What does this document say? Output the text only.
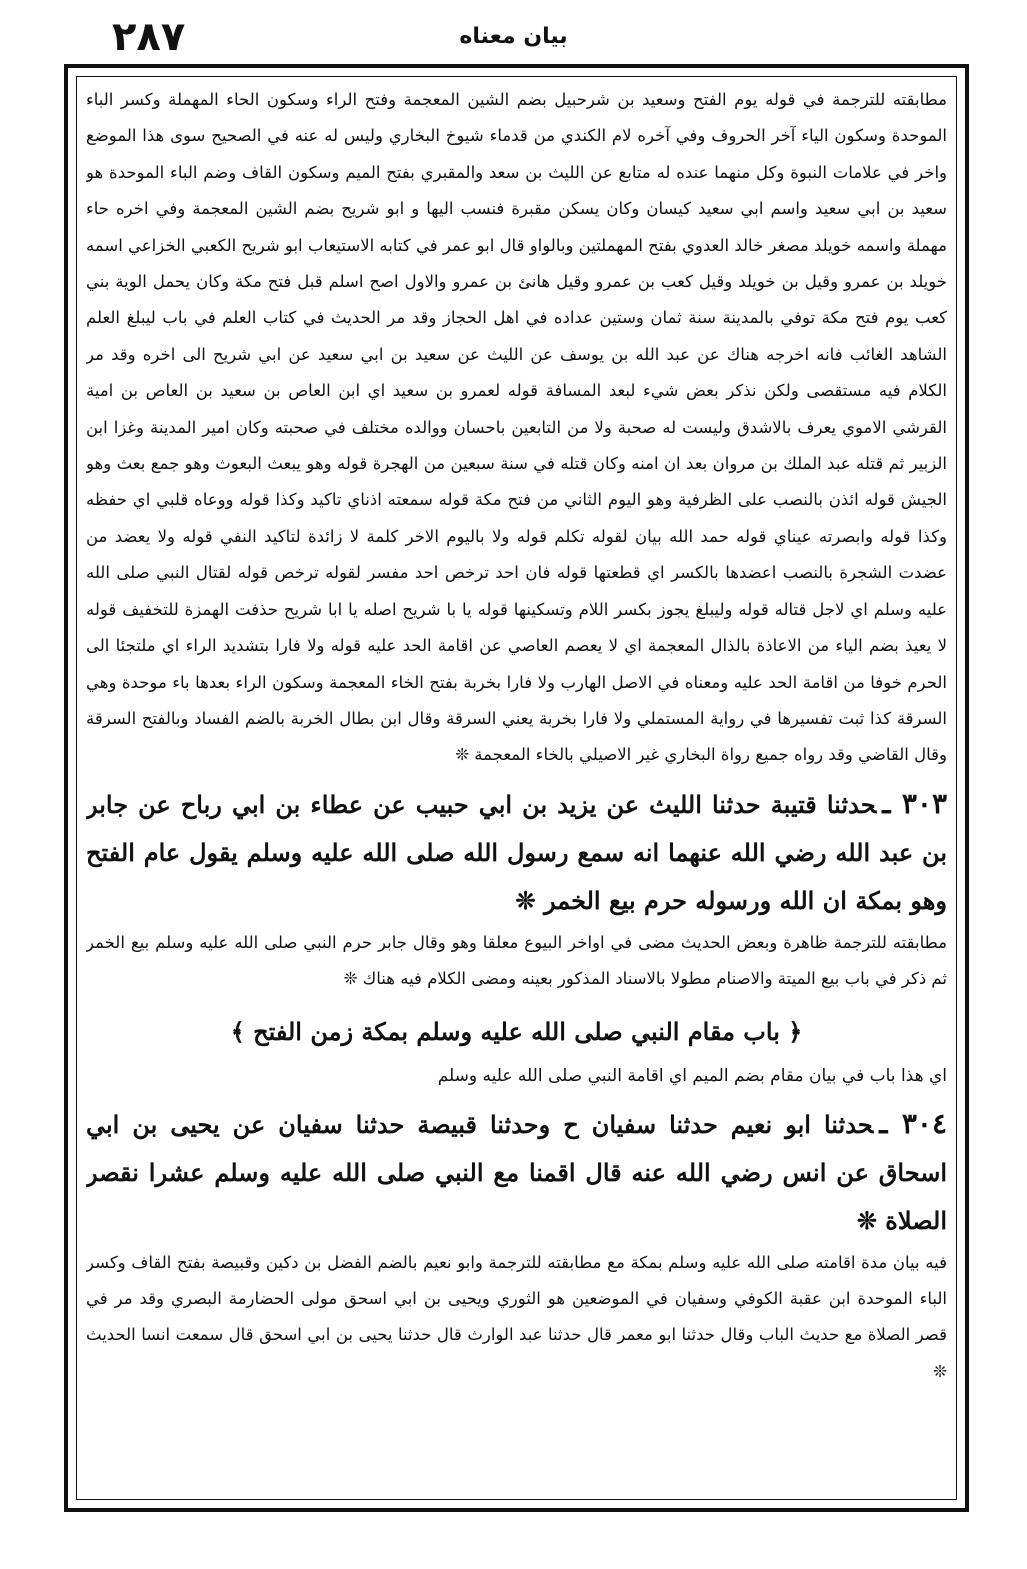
٢٨٧	بيان معناه

مطابقته للترجمة في قوله يوم الفتح وسعيد بن شرحبيل بضم الشين المعجمة وفتح الراء وسكون الحاء المهملة وكسر الباء الموحدة وسكون الياء آخر الحروف وفي آخره لام الكندي من قدماء شيوخ البخاري وليس له عنه في الصحيح سوى هذا الموضع واخر في علامات النبوة وكل منهما عنده له متابع عن الليث بن سعد والمقبري بفتح الميم وسكون القاف وضم الباء الموحدة هو سعيد بن ابي سعيد واسم ابي سعيد كيسان وكان يسكن مقبرة فنسب اليها و ابو شريح بضم الشين المعجمة وفي اخره حاء مهملة واسمه خويلد مصغر خالد العدوي بفتح المهملتين وبالواو قال ابو عمر في كتابه الاستيعاب ابو شريح الكعبي الخزاعي اسمه خويلد بن عمرو وقيل بن خويلد وقيل كعب بن عمرو وقيل هانئ بن عمرو والاول اصح اسلم قبل فتح مكة وكان يحمل الوية بني كعب يوم فتح مكة توفي بالمدينة سنة ثمان وستين عداده في اهل الحجاز وقد مر الحديث في كتاب العلم في باب ليبلغ العلم الشاهد الغائب فانه اخرجه هناك عن عبد الله بن يوسف عن الليث عن سعيد بن ابي سعيد عن ابي شريح الى اخره وقد مر الكلام فيه مستقصى ولكن نذكر بعض شيء لبعد المسافة قوله لعمرو بن سعيد اي ابن العاص بن سعيد بن العاص بن امية القرشي الاموي يعرف بالاشدق وليست له صحبة ولا من التابعين باحسان ووالده مختلف في صحبته وكان امير المدينة وغزا ابن الزبير ثم قتله عبد الملك بن مروان بعد ان امنه وكان قتله في سنة سبعين من الهجرة قوله وهو يبعث البعوث وهو جمع بعث وهو الجيش قوله ائذن بالنصب على الظرفية وهو اليوم الثاني من فتح مكة قوله سمعته اذناي تاكيد وكذا قوله ووعاه قلبي اي حفظه وكذا قوله وابصرته عيناي قوله حمد الله بيان لقوله تكلم قوله ولا باليوم الاخر كلمة لا زائدة لتاكيد النفي قوله ولا يعضد من عضدت الشجرة بالنصب اعضدها بالكسر اي قطعتها قوله فان احد ترخص احد مفسر لقوله ترخص قوله لقتال النبي صلى الله عليه وسلم اي لاجل قتاله قوله وليبلغ يجوز بكسر اللام وتسكينها قوله يا با شريح اصله يا ابا شريح حذفت الهمزة للتخفيف قوله لا يعيذ بضم الياء من الاعاذة بالذال المعجمة اي لا يعصم العاصي عن اقامة الحد عليه قوله ولا فارا بتشديد الراء اي ملتجئا الى الحرم خوفا من اقامة الحد عليه ومعناه في الاصل الهارب ولا فارا بخربة بفتح الخاء المعجمة وسكون الراء بعدها باء موحدة وهي السرقة كذا ثبت تفسيرها في رواية المستملي ولا فارا بخربة يعني السرقة وقال ابن بطال الخربة بالضم الفساد وبالفتح السرقة وقال القاضي وقد رواه جميع رواة البخاري غير الاصيلي بالخاء المعجمة ❊

٣٠٣ ـحدثنا قتيبة حدثنا الليث عن يزيد بن ابي حبيب عن عطاء بن ابي رباح عن جابر بن عبد الله رضي الله عنهما انه سمع رسول الله صلى الله عليه وسلم يقول عام الفتح وهو بمكة ان الله ورسوله حرم بيع الخمر ❊

مطابقته للترجمة ظاهرة وبعض الحديث مضى في اواخر البيوع معلقا وهو وقال جابر حرم النبي صلى الله عليه وسلم بيع الخمر ثم ذكر في باب بيع الميتة والاصنام مطولا بالاسناد المذكور بعينه ومضى الكلام فيه هناك ❊

﴿ باب مقام النبي صلى الله عليه وسلم بمكة زمن الفتح ﴾

اي هذا باب في بيان مقام بضم الميم اي اقامة النبي صلى الله عليه وسلم

٣٠٤ ـحدثنا ابو نعيم حدثنا سفيان ح وحدثنا قبيصة حدثنا سفيان عن يحيى بن ابي اسحاق عن انس رضي الله عنه قال اقمنا مع النبي صلى الله عليه وسلم عشرا نقصر الصلاة ❊

فيه بيان مدة اقامته صلى الله عليه وسلم بمكة مع مطابقته للترجمة وابو نعيم بالضم الفضل بن دكين وقبيصة بفتح القاف وكسر الباء الموحدة ابن عقبة الكوفي وسفيان في الموضعين هو الثوري ويحيى بن ابي اسحق مولى الحضارمة البصري وقد مر في قصر الصلاة مع حديث الباب وقال حدثنا ابو معمر قال حدثنا عبد الوارث قال حدثنا يحيى بن ابي اسحق قال سمعت انسا الحديث ❊
